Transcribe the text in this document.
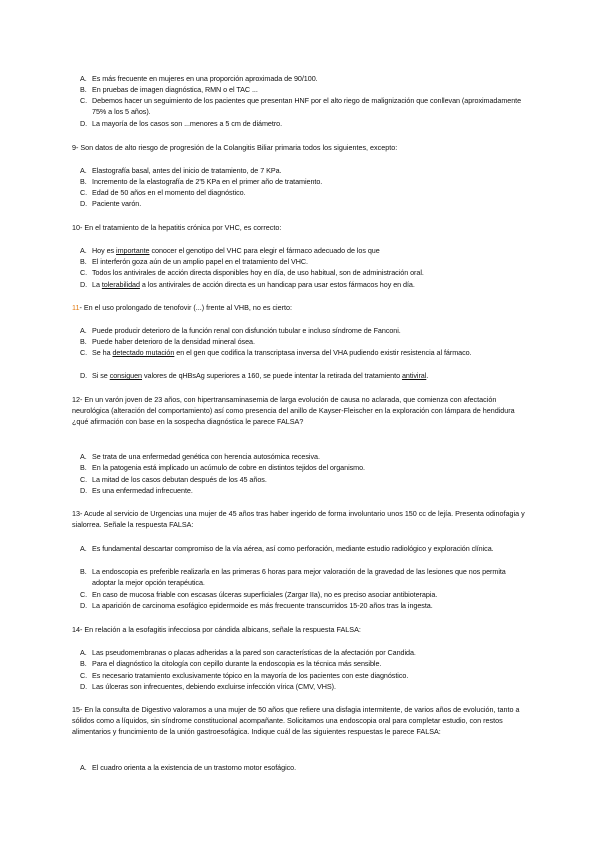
A. Es más frecuente en mujeres en una proporción aproximada de 90/100.
B. En pruebas de imagen diagnóstica, RMN o el TAC ...
C. Debemos hacer un seguimiento de los pacientes que presentan HNF por el alto riego de malignización que conllevan (aproximadamente 75% a los 5 años).
D. La mayoría de los casos son ...menores a 5 cm de diámetro.

9- Son datos de alto riesgo de progresión de la Colangitis Biliar primaria todos los siguientes, excepto:

A. Elastografía basal, antes del inicio de tratamiento, de 7 KPa.
B. Incremento de la elastografía de 2'5 KPa en el primer año de tratamiento.
C. Edad de 50 años en el momento del diagnóstico.
D. Paciente varón.

10- En el tratamiento de la hepatitis crónica por VHC, es correcto:

A. Hoy es importante conocer el genotipo del VHC para elegir el fármaco adecuado de los que
B. El interferón goza aún de un amplio papel en el tratamiento del VHC.
C. Todos los antivirales de acción directa disponibles hoy en día, de uso habitual, son de administración oral.
D. La tolerabilidad a los antivirales de acción directa es un handicap para usar estos fármacos hoy en día.

11- En el uso prolongado de tenofovir (...) frente al VHB, no es cierto:

A. Puede producir deterioro de la función renal con disfunción tubular e incluso síndrome de Fanconi.
B. Puede haber deterioro de la densidad mineral ósea.
C. Se ha detectado mutación en el gen que codifica la transcriptasa inversa del VHA pudiendo existir resistencia al fármaco.
D. Si se consiguen valores de qHBsAg superiores a 160, se puede intentar la retirada del tratamiento antiviral.

12- En un varón joven de 23 años, con hipertransaminasemia de larga evolución de causa no aclarada, que comienza con afectación neurológica (alteración del comportamiento) así como presencia del anillo de Kayser-Fleischer en la exploración con lámpara de hendidura ¿qué afirmación con base en la sospecha diagnóstica le parece FALSA?

A. Se trata de una enfermedad genética con herencia autosómica recesiva.
B. En la patogenia está implicado un acúmulo de cobre en distintos tejidos del organismo.
C. La mitad de los casos debutan después de los 45 años.
D. Es una enfermedad infrecuente.

13- Acude al servicio de Urgencias una mujer de 45 años tras haber ingerido de forma involuntario unos 150 cc de lejía. Presenta odinofagia y sialorrea. Señale la respuesta FALSA:

A. Es fundamental descartar compromiso de la vía aérea, así como perforación, mediante estudio radiológico y exploración clínica.
B. La endoscopia es preferible realizarla en las primeras 6 horas para mejor valoración de la gravedad de las lesiones que nos permita adoptar la mejor opción terapéutica.
C. En caso de mucosa friable con escasas úlceras superficiales (Zargar IIa), no es preciso asociar antibioterapia.
D. La aparición de carcinoma esofágico epidermoide es más frecuente transcurridos 15-20 años tras la ingesta.

14- En relación a la esofagitis infecciosa por cándida albicans, señale la respuesta FALSA:

A. Las pseudomembranas o placas adheridas a la pared son características de la afectación por Candida.
B. Para el diagnóstico la citología con cepillo durante la endoscopia es la técnica más sensible.
C. Es necesario tratamiento exclusivamente tópico en la mayoría de los pacientes con este diagnóstico.
D. Las úlceras son infrecuentes, debiendo excluirse infección vírica (CMV, VHS).

15- En la consulta de Digestivo valoramos a una mujer de 50 años que refiere una disfagia intermitente, de varios años de evolución, tanto a sólidos como a líquidos, sin síndrome constitucional acompañante. Solicitamos una endoscopia oral para completar estudio, con restos alimentarios y fruncimiento de la unión gastroesofágica. Indique cuál de las siguientes respuestas le parece FALSA:

A. El cuadro orienta a la existencia de un trastorno motor esofágico.
